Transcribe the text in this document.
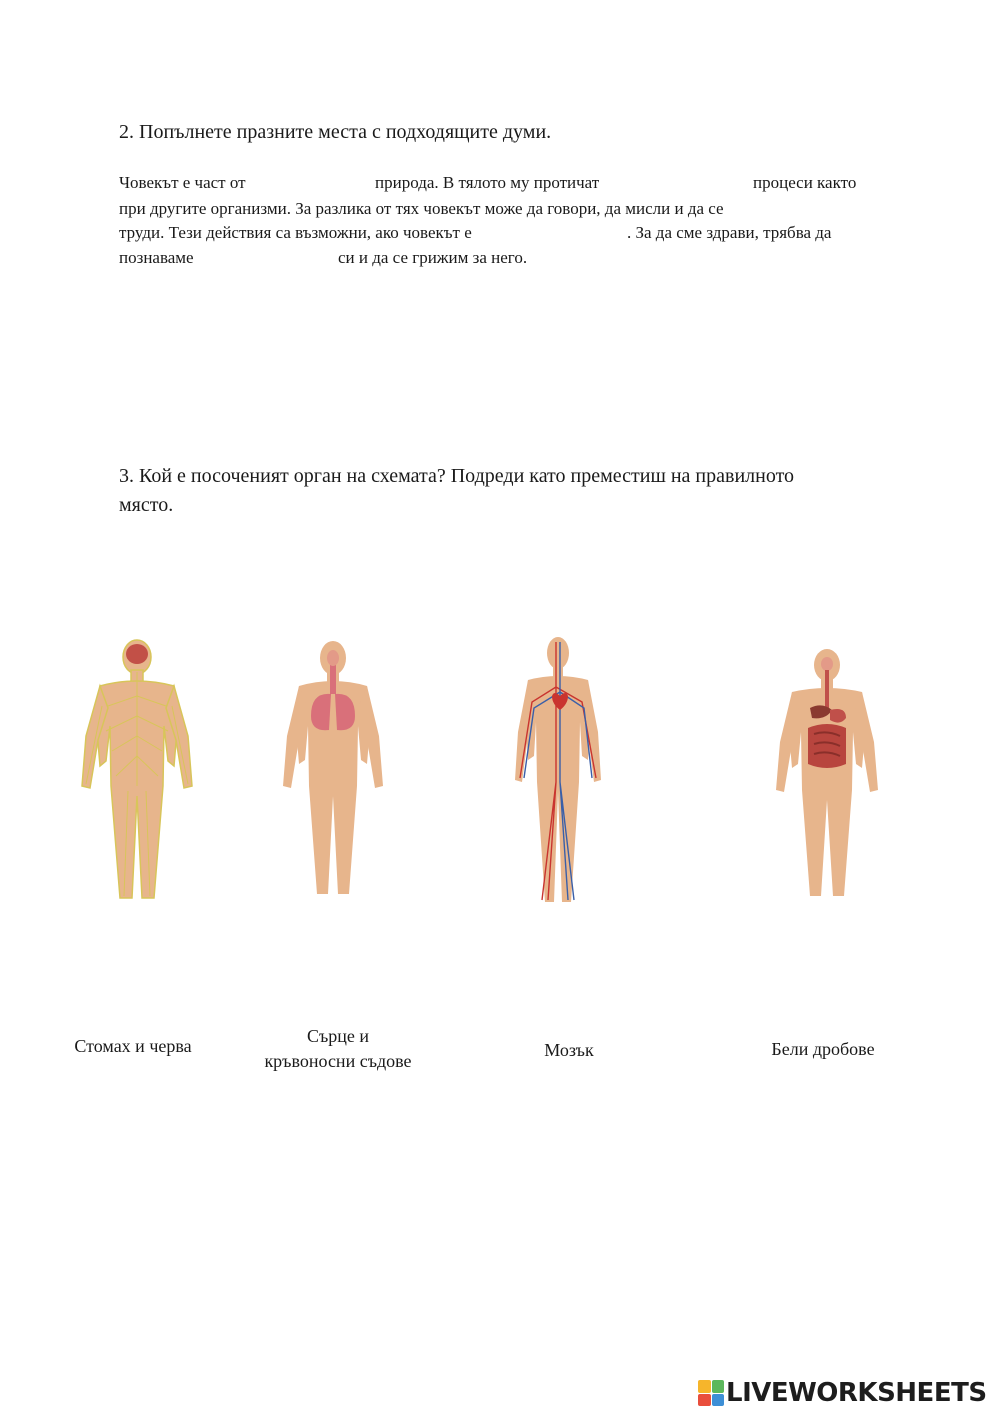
2. Попълнете празните места с подходящите думи.
Човекът е част от	природа. В тялото му протичат	процеси както
при другите организми. За разлика от тях човекът може да говори, да мисли и да се
труди. Тези действия са възможни, ако човекът е	. За да сме здрави, трябва да
познаваме	си и да се грижим за него.
3. Кой е посоченият орган на схемата? Подреди като преместиш на правилното място.
Стомах и черва	Сърце и
кръвоносни съдове
Мозък	Бели дробове
LIVEWORKSHEETS
